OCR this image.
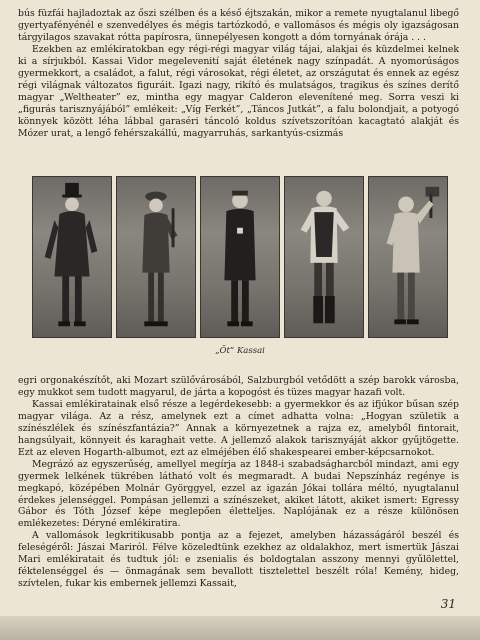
bús füzfái hajladoztak az őszi szélben és a késő éjtszakán, mikor a remete nyugtalanul libegő gyertyafényénél e szenvedélyes és mégis tartózkodó, e vallomásos és mégis oly igazságosan tárgyilagos szavakat rótta papírosra, ünnepélyesen kongott a dóm tornyának órája . . .

Ezekben az emlékiratokban egy régi-régi magyar világ tájai, alakjai és küzdelmei kelnek ki a sírjukból. Kassai Vidor megelevenití saját életének nagy színpadát. A nyomorúságos gyermekkort, a családot, a falut, régi városokat, régi életet, az országutat és ennek az egész régi világnak változatos figuráit. Igazi nagy, rikító és mulatságos, tragikus és színes derítő magyar „Weltheater” ez, mintha egy magyar Calderon elevenítené meg. Sorra veszi ki „figurás tarisznyájából” emlékeit: „Víg Ferkét”, „Táncos Jutkát”, a falu bolondjait, a potyogó könnyek között léha lábbal garaséri táncoló koldus szívetszorítóan kacagtató alakját és Mózer urat, a lengő fehérszakállú, magyarruhás, sarkantyús-csizmás

„Öt” Kassai

egri orgonakészítőt, aki Mozart szülővárosából, Salzburgból vetődött a szép barokk városba, egy mukkot sem tudott magyarul, de járta a kopogóst és tüzes magyar hazafi volt.

Kassai emlékiratainak első része a legérdekesebb: a gyermekkor és az ifjúkor bűsan szép magyar világa. Az a rész, amelynek ezt a címet adhatta volna: „Hogyan születik a színészlélek és színészfantázia?” Annak a környezetnek a rajza ez, amelyből fintorait, hangsúlyait, könnyeit és karaghait vette. A jellemző alakok tarisznyáját akkor gyűjtögette. Ezt az eleven Hogarth-albumot, ezt az elméjében élő shakespearei ember-képcsarnokot.

Megrázó az egyszerűség, amellyel megírja az 1848-i szabadságharcból mindazt, ami egy gyermek lelkének tükrében látható volt és megmaradt. A budai Nepszínház regénye is megkapó, középében Molnár Györggyel, ezzel az igazán Jókai tollára méltó, nyugtalanul érdekes jelenséggel. Pompásan jellemzi a színészeket, akiket látott, akiket ismert: Egressy Gábor és Tóth József képe meglepően életteljes. Naplójának ez a része különösen emlékezetes: Déryné emlékiratira.

A vallomások legkritikusabb pontja az a fejezet, amelyben házasságáról beszél és feleségéről: Jászai Mariról. Félve közeledtünk ezekhez az oldalakhoz, mert ismertük Jászai Mari emlékiratait és tudtuk jól: e zsenialis és boldogtalan asszony mennyi gyűlölettel, féktelenséggel és — önmagának sem bevallott tisztelettel beszélt róla! Kemény, hideg, szívtelen, fukar kis embernek jellemzi Kassait,

31
